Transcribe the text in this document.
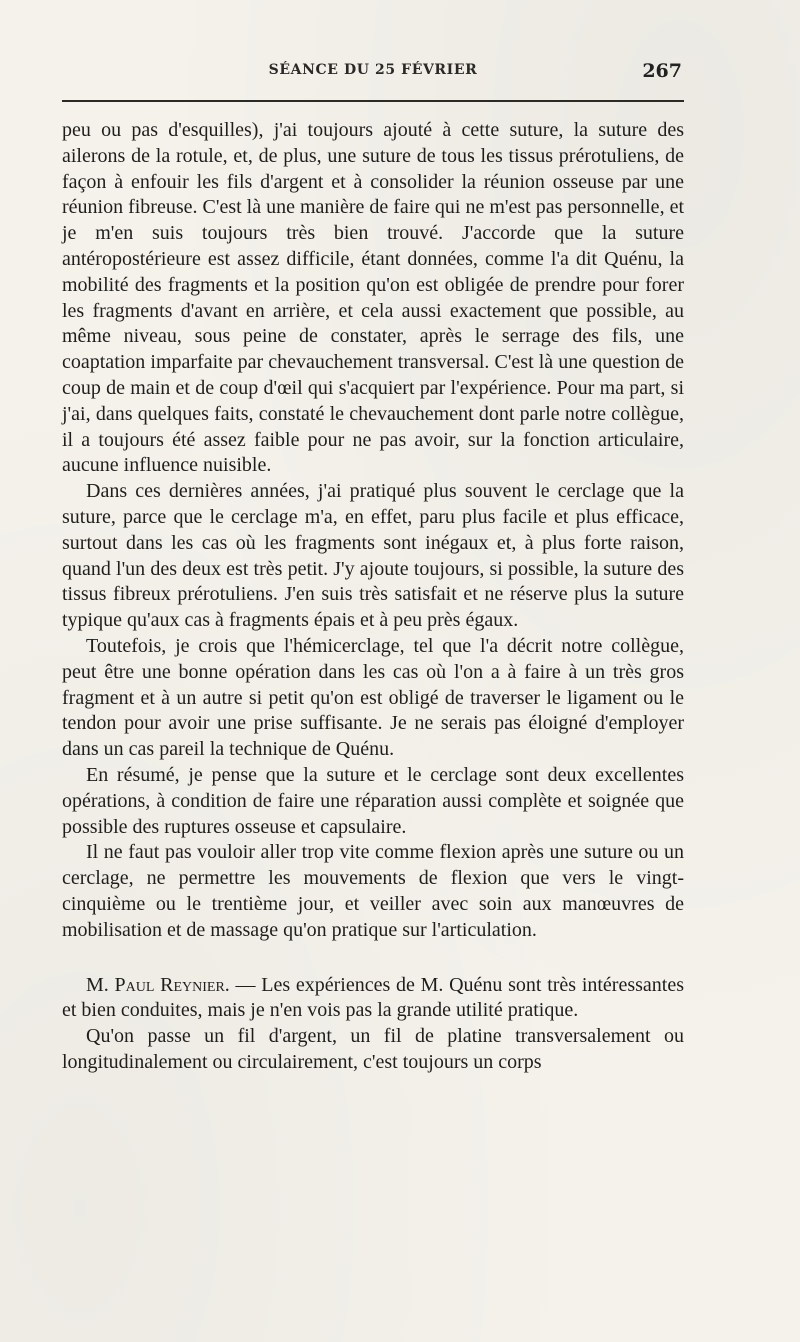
SÉANCE DU 25 FÉVRIER	267

peu ou pas d'esquilles), j'ai toujours ajouté à cette suture, la suture des ailerons de la rotule, et, de plus, une suture de tous les tissus prérotuliens, de façon à enfouir les fils d'argent et à consolider la réunion osseuse par une réunion fibreuse. C'est là une manière de faire qui ne m'est pas personnelle, et je m'en suis toujours très bien trouvé. J'accorde que la suture antéropostérieure est assez difficile, étant données, comme l'a dit Quénu, la mobilité des fragments et la position qu'on est obligée de prendre pour forer les fragments d'avant en arrière, et cela aussi exactement que possible, au même niveau, sous peine de constater, après le serrage des fils, une coaptation imparfaite par chevauchement transversal. C'est là une question de coup de main et de coup d'œil qui s'acquiert par l'expérience. Pour ma part, si j'ai, dans quelques faits, constaté le chevauchement dont parle notre collègue, il a toujours été assez faible pour ne pas avoir, sur la fonction articulaire, aucune influence nuisible.

Dans ces dernières années, j'ai pratiqué plus souvent le cerclage que la suture, parce que le cerclage m'a, en effet, paru plus facile et plus efficace, surtout dans les cas où les fragments sont inégaux et, à plus forte raison, quand l'un des deux est très petit. J'y ajoute toujours, si possible, la suture des tissus fibreux prérotuliens. J'en suis très satisfait et ne réserve plus la suture typique qu'aux cas à fragments épais et à peu près égaux.

Toutefois, je crois que l'hémicerclage, tel que l'a décrit notre collègue, peut être une bonne opération dans les cas où l'on a à faire à un très gros fragment et à un autre si petit qu'on est obligé de traverser le ligament ou le tendon pour avoir une prise suffisante. Je ne serais pas éloigné d'employer dans un cas pareil la technique de Quénu.

En résumé, je pense que la suture et le cerclage sont deux excellentes opérations, à condition de faire une réparation aussi complète et soignée que possible des ruptures osseuse et capsulaire.

Il ne faut pas vouloir aller trop vite comme flexion après une suture ou un cerclage, ne permettre les mouvements de flexion que vers le vingt-cinquième ou le trentième jour, et veiller avec soin aux manœuvres de mobilisation et de massage qu'on pratique sur l'articulation.

M. Paul Reynier. — Les expériences de M. Quénu sont très intéressantes et bien conduites, mais je n'en vois pas la grande utilité pratique.

Qu'on passe un fil d'argent, un fil de platine transversalement ou longitudinalement ou circulairement, c'est toujours un corps
